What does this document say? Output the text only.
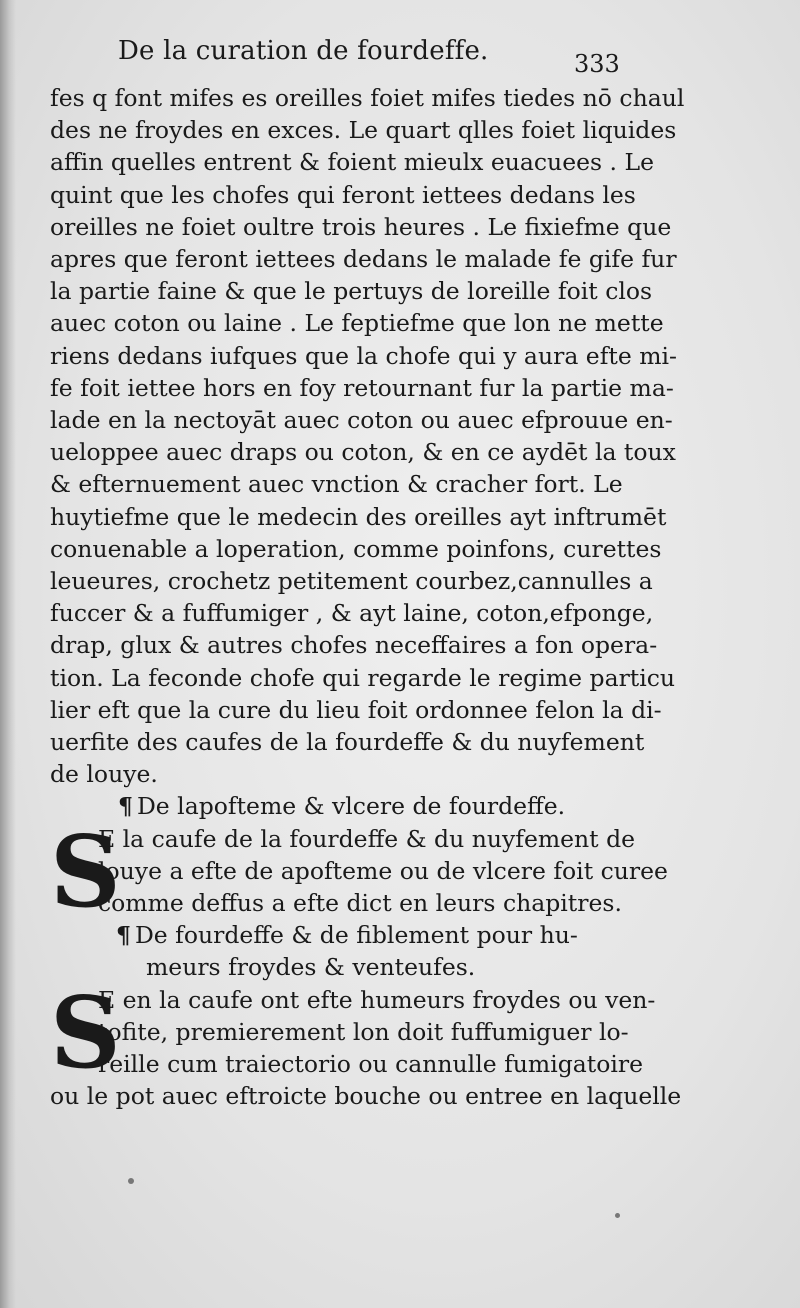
De la curation de fourdeffe.	333
fes q font mifes es oreilles foiet mifes tiedes nō chaul
des ne froydes en exces. Le quart qlles foiet liquides
affin quelles entrent & foient mieulx euacuees . Le
quint que les chofes qui feront iettees dedans les
oreilles ne foiet oultre trois heures . Le fixiefme que
apres que feront iettees dedans le malade fe gife fur
la partie faine & que le pertuys de loreille foit clos
auec coton ou laine . Le feptiefme que lon ne mette
riens dedans iufques que la chofe qui y aura efte mi-
fe foit iettee hors en foy retournant fur la partie ma-
lade en la nectoyāt auec coton ou auec efprouue en-
ueloppee auec draps ou coton, & en ce aydēt la toux
& efternuement auec vnction & cracher fort. Le
huytiefme que le medecin des oreilles ayt inftrumēt
conuenable a loperation, comme poinfons, curettes
leueures, crochetz petitement courbez,cannulles a
fuccer & a fuffumiger , & ayt laine, coton,efponge,
drap, glux & autres chofes neceffaires a fon opera-
tion. La feconde chofe qui regarde le regime particu
lier eft que la cure du lieu foit ordonnee felon la di-
uerfite des caufes de la fourdeffe & du nuyfement
de louye.
¶ De lapofteme & vlcere de fourdeffe.
S
E la caufe de la fourdeffe & du nuyfement de
louye a efte de apofteme ou de vlcere foit curee
comme deffus a efte dict en leurs chapitres.
¶ De fourdeffe & de fiblement pour hu-
meurs froydes & venteufes.
S
E en la caufe ont efte humeurs froydes ou ven-
tofite, premierement lon doit fuffumiguer lo-
reille cum traiectorio ou cannulle fumigatoire
ou le pot auec eftroicte bouche ou entree en laquelle
